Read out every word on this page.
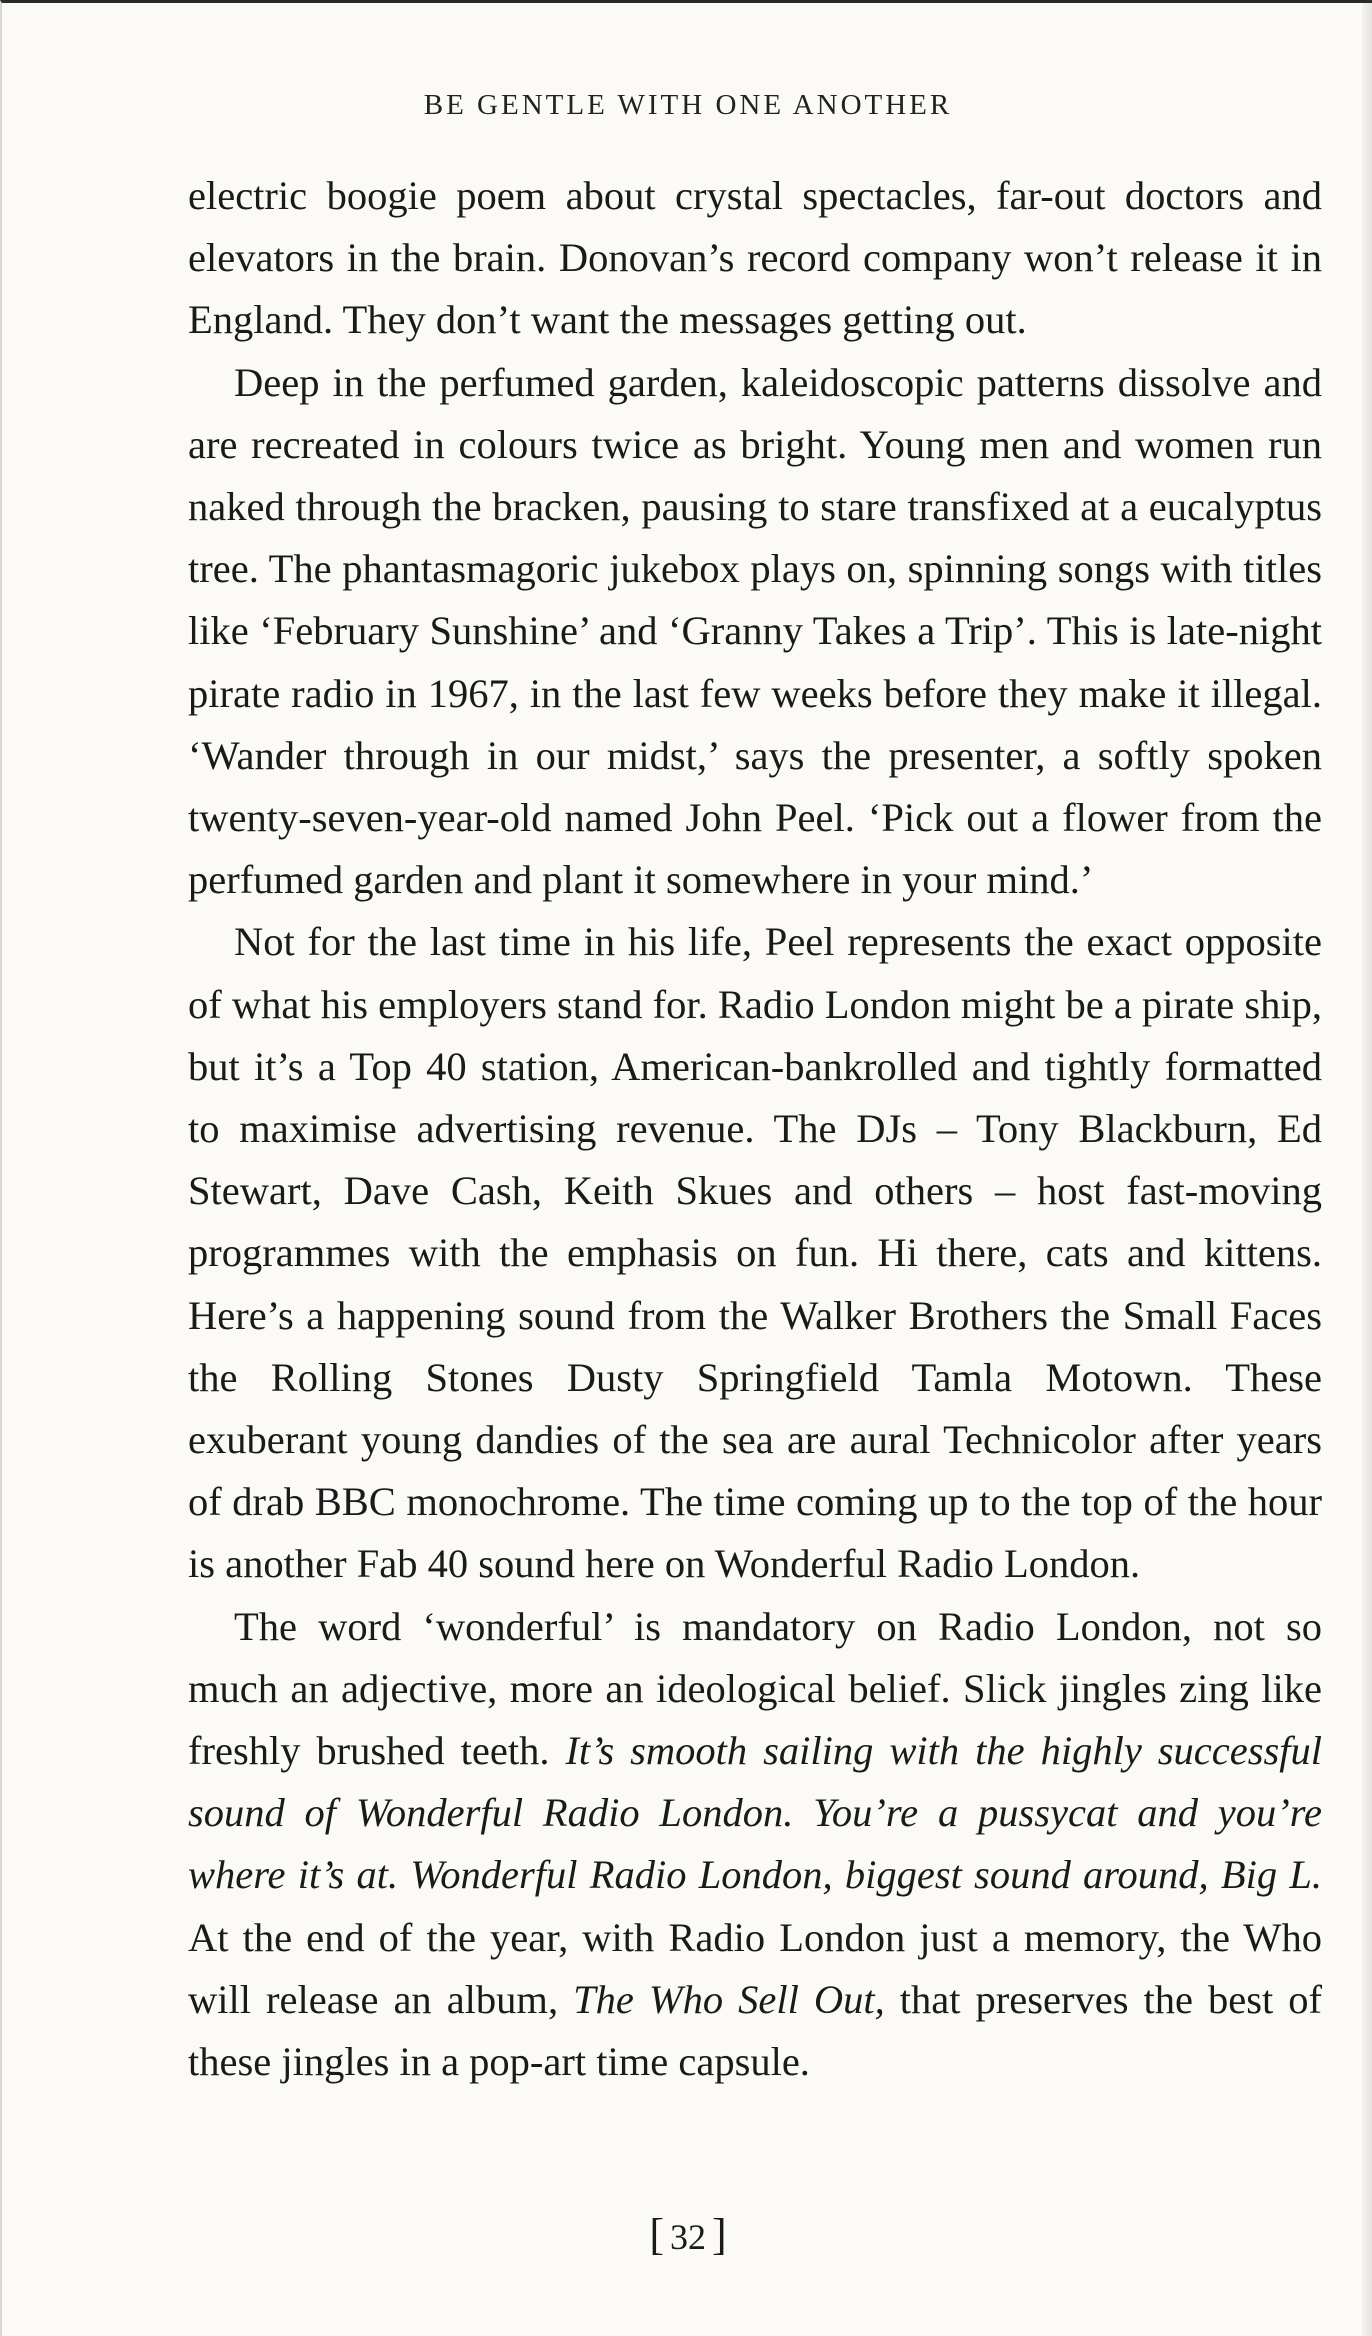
BE GENTLE WITH ONE ANOTHER

electric boogie poem about crystal spectacles, far-out doctors and elevators in the brain. Donovan’s record company won’t release it in England. They don’t want the messages getting out.

Deep in the perfumed garden, kaleidoscopic patterns dissolve and are recreated in colours twice as bright. Young men and women run naked through the bracken, pausing to stare transfixed at a eucalyptus tree. The phantasmagoric jukebox plays on, spinning songs with titles like ‘February Sunshine’ and ‘Granny Takes a Trip’. This is late-night pirate radio in 1967, in the last few weeks before they make it illegal. ‘Wander through in our midst,’ says the presenter, a softly spoken twenty-seven-year-old named John Peel. ‘Pick out a flower from the perfumed garden and plant it somewhere in your mind.’

Not for the last time in his life, Peel represents the exact opposite of what his employers stand for. Radio London might be a pirate ship, but it’s a Top 40 station, American-bankrolled and tightly formatted to maximise advertising revenue. The DJs – Tony Blackburn, Ed Stewart, Dave Cash, Keith Skues and others – host fast-moving programmes with the emphasis on fun. Hi there, cats and kittens. Here’s a happening sound from the Walker Brothers the Small Faces the Rolling Stones Dusty Springfield Tamla Motown. These exuberant young dandies of the sea are aural Technicolor after years of drab BBC monochrome. The time coming up to the top of the hour is another Fab 40 sound here on Wonderful Radio London.

The word ‘wonderful’ is mandatory on Radio London, not so much an adjective, more an ideological belief. Slick jingles zing like freshly brushed teeth. It’s smooth sailing with the highly successful sound of Wonderful Radio London. You’re a pussycat and you’re where it’s at. Wonderful Radio London, biggest sound around, Big L. At the end of the year, with Radio London just a memory, the Who will release an album, The Who Sell Out, that preserves the best of these jingles in a pop-art time capsule.

[ 32 ]
